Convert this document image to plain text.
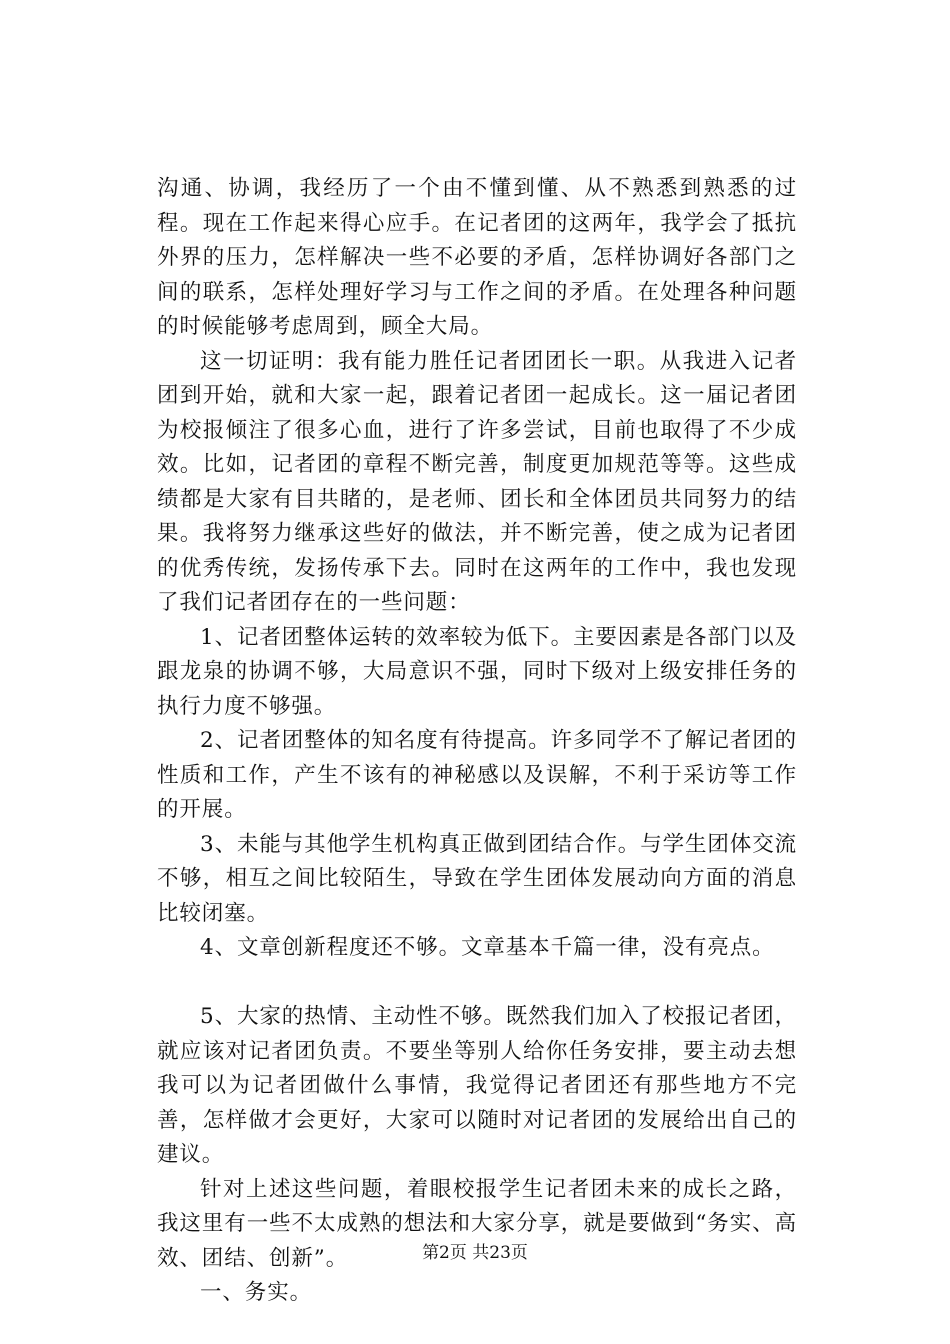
沟通、协调，我经历了一个由不懂到懂、从不熟悉到熟悉的过程。现在工作起来得心应手。在记者团的这两年，我学会了抵抗外界的压力，怎样解决一些不必要的矛盾，怎样协调好各部门之间的联系，怎样处理好学习与工作之间的矛盾。在处理各种问题的时候能够考虑周到，顾全大局。

这一切证明：我有能力胜任记者团团长一职。从我进入记者团到开始，就和大家一起，跟着记者团一起成长。这一届记者团为校报倾注了很多心血，进行了许多尝试，目前也取得了不少成效。比如，记者团的章程不断完善，制度更加规范等等。这些成绩都是大家有目共睹的，是老师、团长和全体团员共同努力的结果。我将努力继承这些好的做法，并不断完善，使之成为记者团的优秀传统，发扬传承下去。同时在这两年的工作中，我也发现了我们记者团存在的一些问题：

1、记者团整体运转的效率较为低下。主要因素是各部门以及跟龙泉的协调不够，大局意识不强，同时下级对上级安排任务的执行力度不够强。

2、记者团整体的知名度有待提高。许多同学不了解记者团的性质和工作，产生不该有的神秘感以及误解，不利于采访等工作的开展。

3、未能与其他学生机构真正做到团结合作。与学生团体交流不够，相互之间比较陌生，导致在学生团体发展动向方面的消息比较闭塞。

4、文章创新程度还不够。文章基本千篇一律，没有亮点。

5、大家的热情、主动性不够。既然我们加入了校报记者团，就应该对记者团负责。不要坐等别人给你任务安排，要主动去想我可以为记者团做什么事情，我觉得记者团还有那些地方不完善，怎样做才会更好，大家可以随时对记者团的发展给出自己的建议。

针对上述这些问题，着眼校报学生记者团未来的成长之路，我这里有一些不太成熟的想法和大家分享，就是要做到“务实、高效、团结、创新”。

一、务实。

第2页 共23页
